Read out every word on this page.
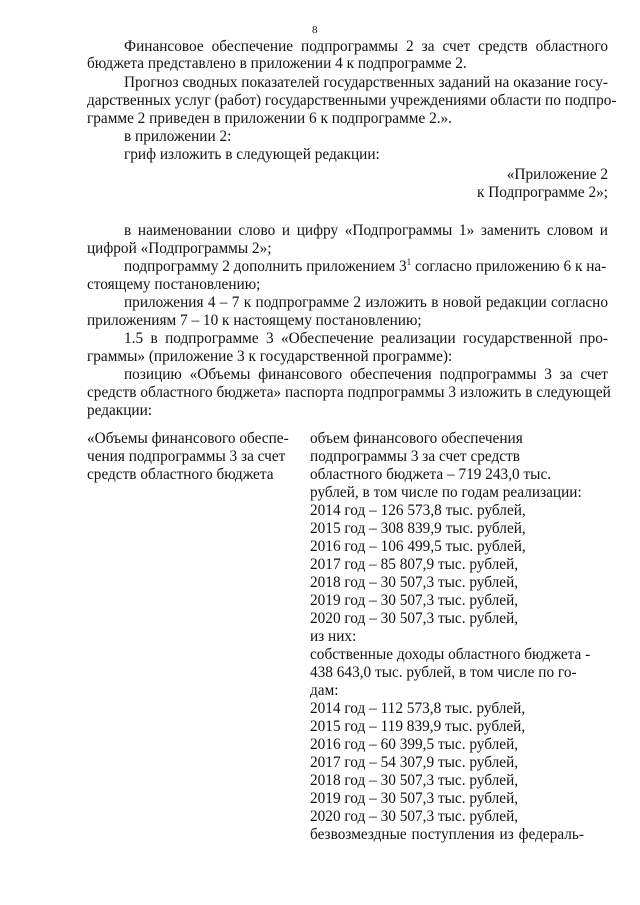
8
Финансовое обеспечение подпрограммы 2 за счет средств областного
бюджета представлено в приложении 4 к подпрограмме 2.
Прогноз сводных показателей государственных заданий на оказание госу-
дарственных услуг (работ) государственными учреждениями области по подпро-
грамме 2 приведен в приложении 6 к подпрограмме 2.».
в приложении 2:
гриф изложить в следующей редакции:
«Приложение 2
к Подпрограмме 2»;
в наименовании слово и цифру «Подпрограммы 1» заменить словом и
цифрой «Подпрограммы 2»;
подпрограмму 2 дополнить приложением $3^1$ согласно приложению 6 к на-
стоящему постановлению;
приложения 4 – 7 к подпрограмме 2 изложить в новой редакции согласно
приложениям 7 – 10 к настоящему постановлению;
1.5 в подпрограмме 3 «Обеспечение реализации государственной про-
граммы» (приложение 3 к государственной программе):
позицию «Объемы финансового обеспечения подпрограммы 3 за счет
средств областного бюджета» паспорта подпрограммы 3 изложить в следующей
редакции:
«Объемы финансового обеспе-
чения подпрограммы 3 за счет
средств областного бюджета
объем финансового обеспечения
подпрограммы 3 за счет средств
областного бюджета – 719 243,0 тыс.
рублей, в том числе по годам реализации:
2014 год – 126 573,8 тыс. рублей,
2015 год – 308 839,9 тыс. рублей,
2016 год – 106 499,5 тыс. рублей,
2017 год – 85 807,9 тыс. рублей,
2018 год – 30 507,3 тыс. рублей,
2019 год – 30 507,3 тыс. рублей,
2020 год – 30 507,3 тыс. рублей,
из них:
собственные доходы областного бюджета -
438 643,0 тыс. рублей, в том числе по го-
дам:
2014 год – 112 573,8 тыс. рублей,
2015 год – 119 839,9 тыс. рублей,
2016 год – 60 399,5 тыс. рублей,
2017 год – 54 307,9 тыс. рублей,
2018 год – 30 507,3 тыс. рублей,
2019 год – 30 507,3 тыс. рублей,
2020 год – 30 507,3 тыс. рублей,
безвозмездные поступления из федераль-
